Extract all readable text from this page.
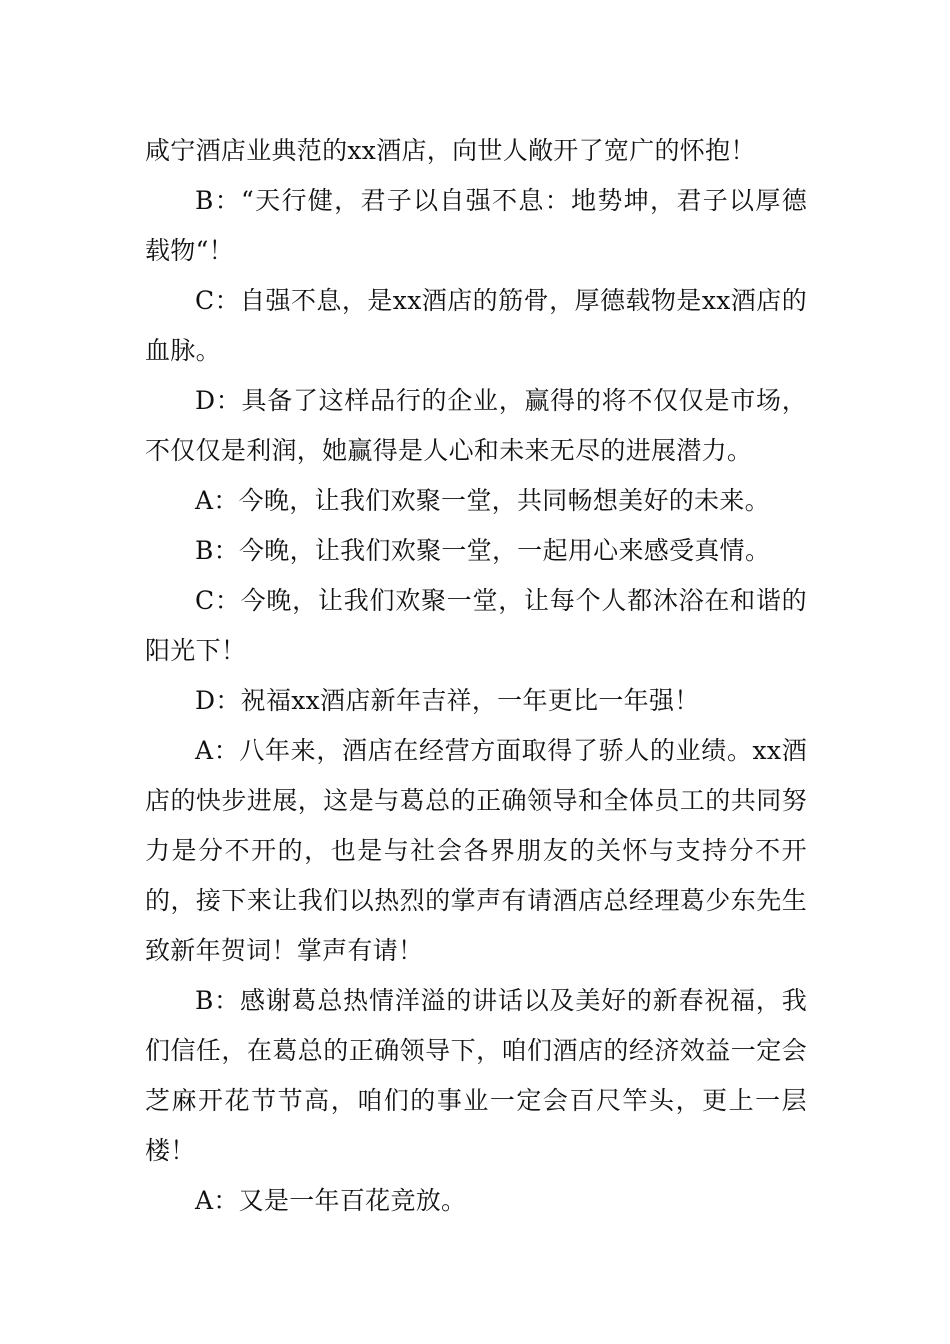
咸宁酒店业典范的xx酒店，向世人敞开了宽广的怀抱！

B：“天行健，君子以自强不息：地势坤，君子以厚德载物“！

C：自强不息，是xx酒店的筋骨，厚德载物是xx酒店的血脉。

D：具备了这样品行的企业，赢得的将不仅仅是市场，不仅仅是利润，她赢得是人心和未来无尽的进展潜力。

A：今晚，让我们欢聚一堂，共同畅想美好的未来。

B：今晚，让我们欢聚一堂，一起用心来感受真情。

C：今晚，让我们欢聚一堂，让每个人都沐浴在和谐的阳光下！

D：祝福xx酒店新年吉祥，一年更比一年强！

A：八年来，酒店在经营方面取得了骄人的业绩。xx酒店的快步进展，这是与葛总的正确领导和全体员工的共同努力是分不开的，也是与社会各界朋友的关怀与支持分不开的，接下来让我们以热烈的掌声有请酒店总经理葛少东先生致新年贺词！掌声有请！

B：感谢葛总热情洋溢的讲话以及美好的新春祝福，我们信任，在葛总的正确领导下，咱们酒店的经济效益一定会芝麻开花节节高，咱们的事业一定会百尺竿头，更上一层楼！

A：又是一年百花竞放。
